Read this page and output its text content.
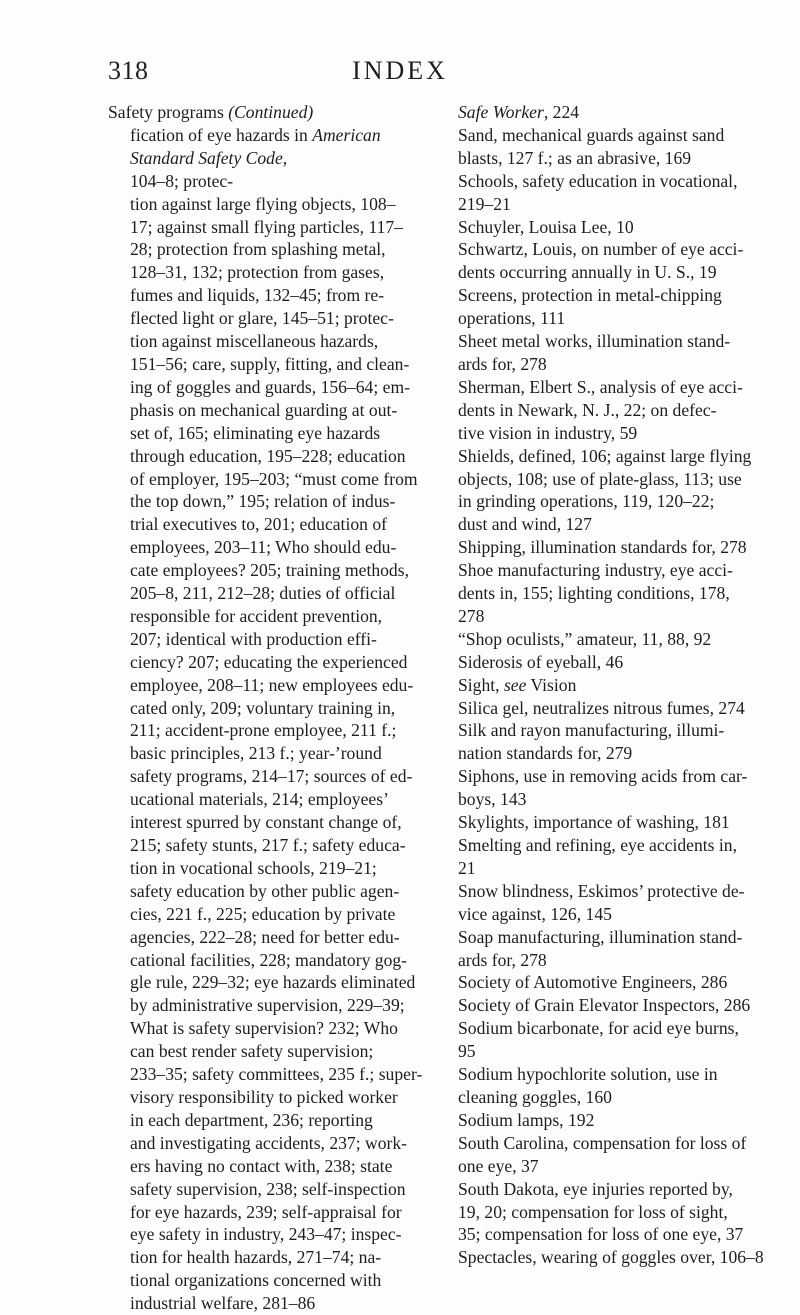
318	INDEX
Safety programs (Continued)
fication of eye hazards in American Standard Safety Code,
104–8; protec-
tion against large flying objects, 108–
17; against small flying particles, 117–
28; protection from splashing metal,
128–31, 132; protection from gases,
fumes and liquids, 132–45; from re-
flected light or glare, 145–51; protec-
tion against miscellaneous hazards,
151–56; care, supply, fitting, and clean-
ing of goggles and guards, 156–64; em-
phasis on mechanical guarding at out-
set of, 165; eliminating eye hazards
through education, 195–228; education
of employer, 195–203; “must come from
the top down,” 195; relation of indus-
trial executives to, 201; education of
employees, 203–11; Who should edu-
cate employees? 205; training methods,
205–8, 211, 212–28; duties of official
responsible for accident prevention,
207; identical with production effi-
ciency? 207; educating the experienced
employee, 208–11; new employees edu-
cated only, 209; voluntary training in,
211; accident-prone employee, 211 f.;
basic principles, 213 f.; year-’round
safety programs, 214–17; sources of ed-
ucational materials, 214; employees’
interest spurred by constant change of,
215; safety stunts, 217 f.; safety educa-
tion in vocational schools, 219–21;
safety education by other public agen-
cies, 221 f., 225; education by private
agencies, 222–28; need for better edu-
cational facilities, 228; mandatory gog-
gle rule, 229–32; eye hazards eliminated
by administrative supervision, 229–39;
What is safety supervision? 232; Who
can best render safety supervision;
233–35; safety committees, 235 f.; super-
visory responsibility to picked worker
in each department, 236; reporting
and investigating accidents, 237; work-
ers having no contact with, 238; state
safety supervision, 238; self-inspection
for eye hazards, 239; self-appraisal for
eye safety in industry, 243–47; inspec-
tion for health hazards, 271–74; na-
tional organizations concerned with
industrial welfare, 281–86
Safe Worker, 224
Sand, mechanical guards against sand
blasts, 127 f.; as an abrasive, 169
Schools, safety education in vocational,
219–21
Schuyler, Louisa Lee, 10
Schwartz, Louis, on number of eye acci-
dents occurring annually in U. S., 19
Screens, protection in metal-chipping
operations, 111
Sheet metal works, illumination stand-
ards for, 278
Sherman, Elbert S., analysis of eye acci-
dents in Newark, N. J., 22; on defec-
tive vision in industry, 59
Shields, defined, 106; against large flying
objects, 108; use of plate-glass, 113; use
in grinding operations, 119, 120–22;
dust and wind, 127
Shipping, illumination standards for, 278
Shoe manufacturing industry, eye acci-
dents in, 155; lighting conditions, 178,
278
“Shop oculists,” amateur, 11, 88, 92
Siderosis of eyeball, 46
Sight, see Vision
Silica gel, neutralizes nitrous fumes, 274
Silk and rayon manufacturing, illumi-
nation standards for, 279
Siphons, use in removing acids from car-
boys, 143
Skylights, importance of washing, 181
Smelting and refining, eye accidents in,
21
Snow blindness, Eskimos’ protective de-
vice against, 126, 145
Soap manufacturing, illumination stand-
ards for, 278
Society of Automotive Engineers, 286
Society of Grain Elevator Inspectors, 286
Sodium bicarbonate, for acid eye burns,
95
Sodium hypochlorite solution, use in
cleaning goggles, 160
Sodium lamps, 192
South Carolina, compensation for loss of
one eye, 37
South Dakota, eye injuries reported by,
19, 20; compensation for loss of sight,
35; compensation for loss of one eye, 37
Spectacles, wearing of goggles over, 106–8
